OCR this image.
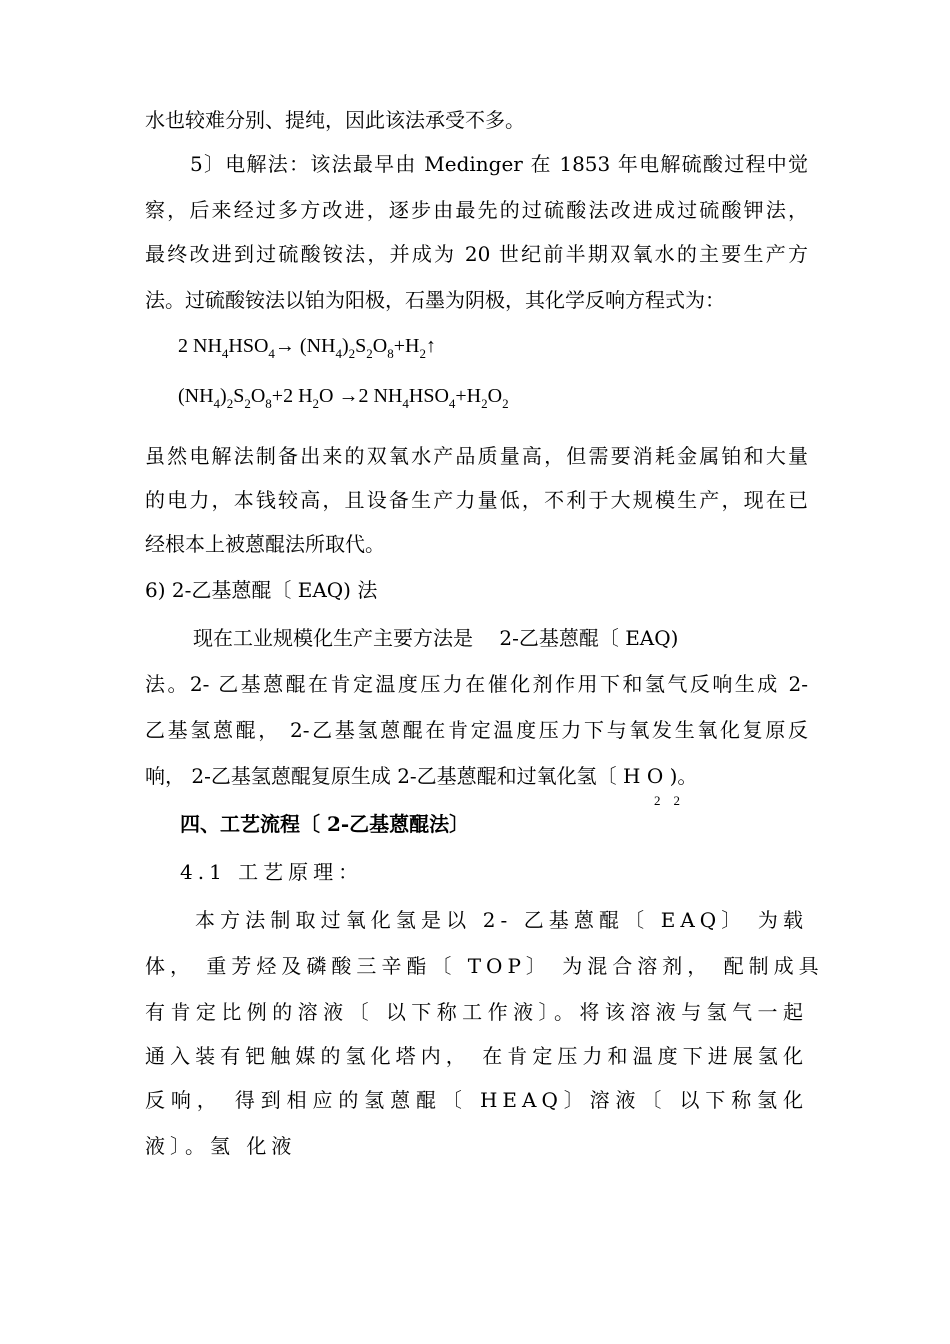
水也较难分别、提纯，因此该法承受不多。
5〕电解法：该法最早由 Medinger 在 1853 年电解硫酸过程中觉
察，后来经过多方改进，逐步由最先的过硫酸法改进成过硫酸钾法，
最终改进到过硫酸铵法，并成为 20 世纪前半期双氧水的主要生产方
法。过硫酸铵法以铂为阳极，石墨为阴极，其化学反响方程式为：
2 $NH_4HSO_4\to$ $(NH_4)_2S_2O_8+H_2↑$
$(NH_4)_2S_2O_8+2$ $H_2O \to 2$ $NH_4HSO_4+H_2O_2$
虽然电解法制备出来的双氧水产品质量高，但需要消耗金属铂和大量
的电力，本钱较高，且设备生产力量低，不利于大规模生产，现在已
经根本上被蒽醌法所取代。
6) 2-乙基蒽醌〔 EAQ) 法
现在工业规模化生产主要方法是　 2-乙基蒽醌〔 EAQ)
法。2- 乙基蒽醌在肯定温度压力在催化剂作用下和氢气反响生成 2-
乙基氢蒽醌， 2-乙基氢蒽醌在肯定温度压力下与氧发生氧化复原反
响， 2-乙基氢蒽醌复原生成 2-乙基蒽醌和过氧化氢〔 H O )。
2　2
四、工艺流程〔 2-乙基蒽醌法〕
4.1 工艺原理：
本方法制取过氧化氢是以 2- 乙基蒽醌〔 EAQ〕 为载
体， 重芳烃及磷酸三辛酯〔 TOP〕 为混合溶剂， 配制成具
有肯定比例的溶液〔 以下称工作液〕。将该溶液与氢气一起
通入装有钯触媒的氢化塔内， 在肯定压力和温度下进展氢化
反响， 得到相应的氢蒽醌〔 HEAQ〕溶液〔 以下称氢化
液〕。氢 化液
